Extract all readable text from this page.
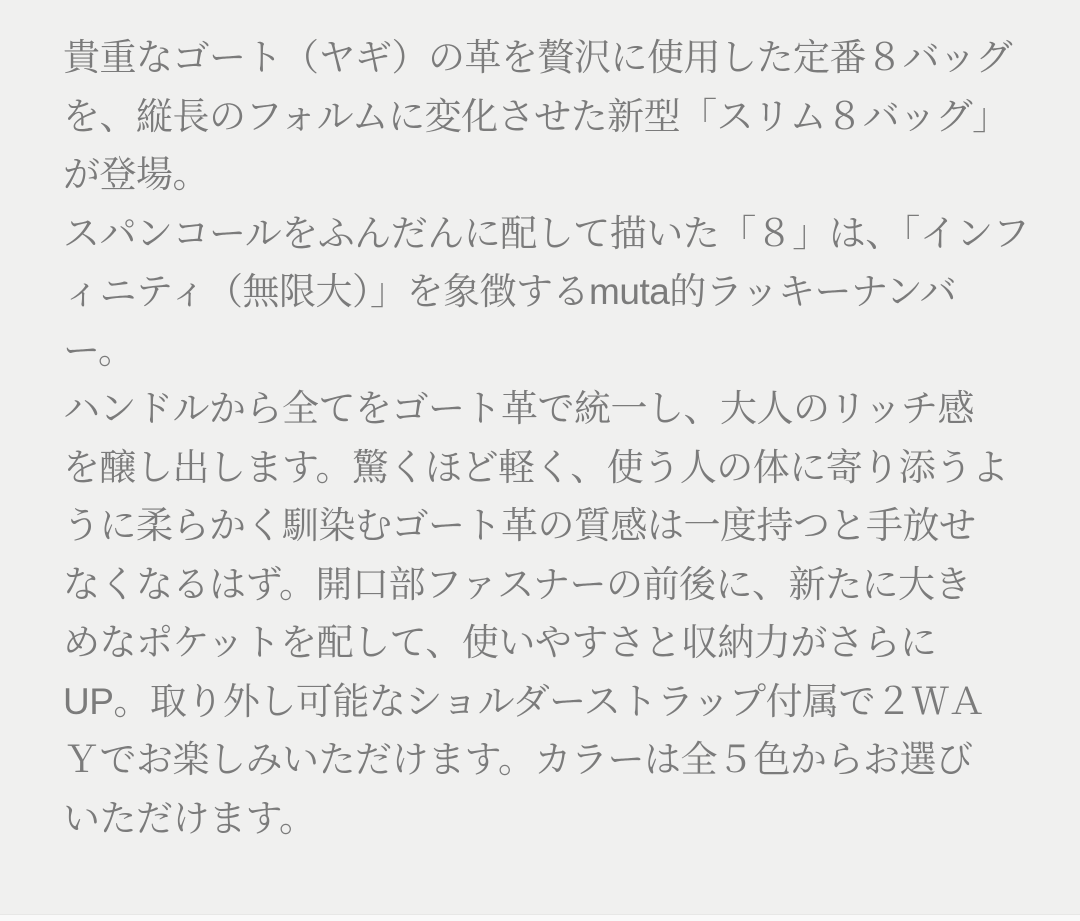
貴重なゴート（ヤギ）の革を贅沢に使用した定番８バッグ
を、縦長のフォルムに変化させた新型「スリム８バッグ」
が登場。
スパンコールをふんだんに配して描いた「８」は、「インフ
ィニティ（無限大）」を象徴するmuta的ラッキーナンバ
ー。
ハンドルから全てをゴート革で統一し、大人のリッチ感
を醸し出します。驚くほど軽く、使う人の体に寄り添うよ
うに柔らかく馴染むゴート革の質感は一度持つと手放せ
なくなるはず。開口部ファスナーの前後に、新たに大き
めなポケットを配して、使いやすさと収納力がさらに
UP。取り外し可能なショルダーストラップ付属で２ＷＡ
Ｙでお楽しみいただけます。カラーは全５色からお選び
いただけます。
